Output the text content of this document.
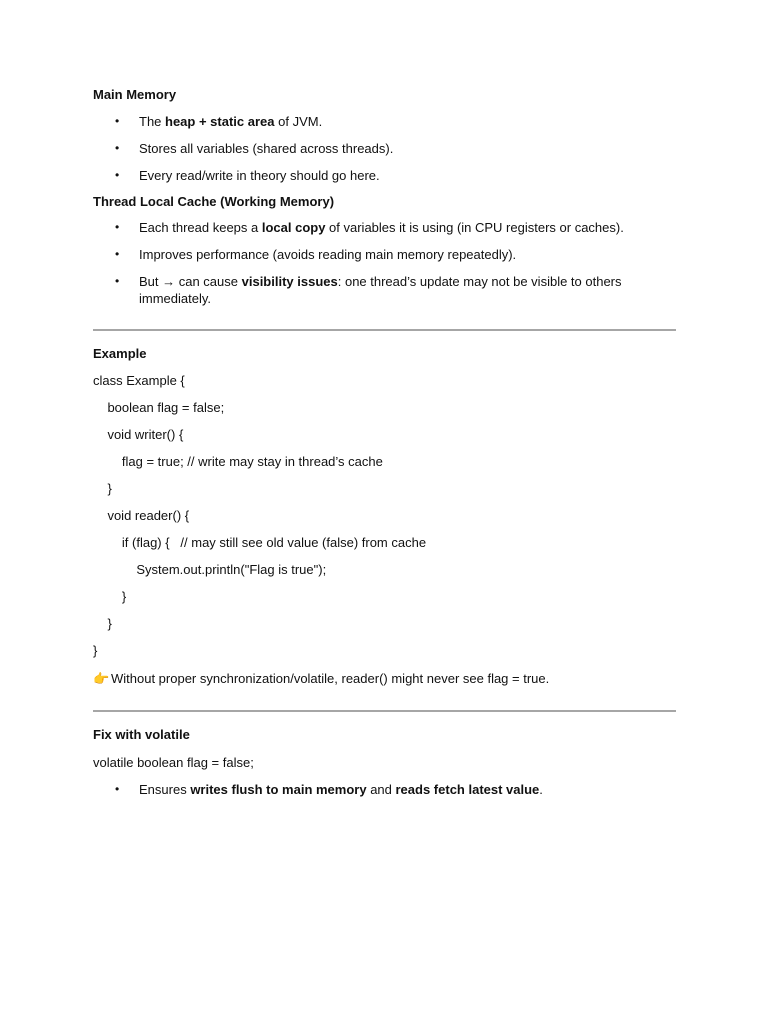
Main Memory
• The heap + static area of JVM.
• Stores all variables (shared across threads).
• Every read/write in theory should go here.
Thread Local Cache (Working Memory)
• Each thread keeps a local copy of variables it is using (in CPU registers or caches).
• Improves performance (avoids reading main memory repeatedly).
• But → can cause visibility issues: one thread’s update may not be visible to others immediately.
Example

class Example {

boolean flag = false;

void writer() {

flag = true; // write may stay in thread’s cache

}

void reader() {

if (flag) {   // may still see old value (false) from cache

System.out.println("Flag is true");

}

}

}

👉 Without proper synchronization/volatile, reader() might never see flag = true.

Fix with volatile

volatile boolean flag = false;

• Ensures writes flush to main memory and reads fetch latest value.
